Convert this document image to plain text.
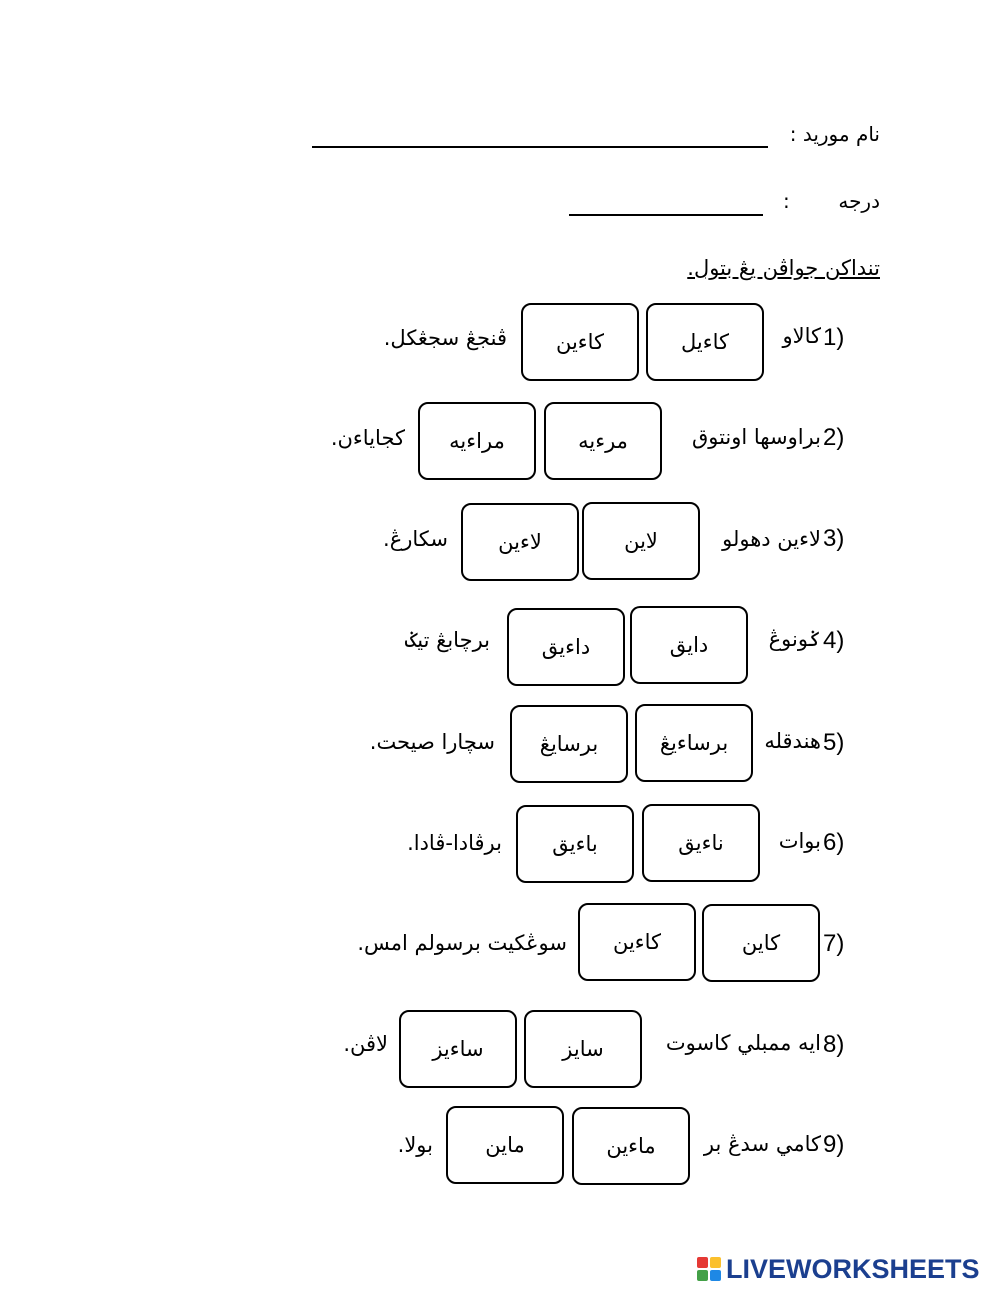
نام موريد :
درجه
:
تنداكن جواڤن يڠ بتول.
1)
كالاو
كاءيل
كاءين
ڤنجڠ سجڠكل.
2)
براوسها اونتوق
مرءيه
مراءيه
كجاياءن.
3)
لاءين دهولو
لاين
لاءين
سكارڠ.
4)
ݢونوڠ
دايق
داءيق
برچابڠ تيݢ
5)
هندقله
برساءيڠ
برسايڠ
سچارا صيحت.
6)
بوات
ناءيق
باءيق
برڤادا-ڤادا.
7)
كاين
كاءين
سوڠكيت برسولم امس.
8)
ايه ممبلي كاسوت
سايز
ساءيز
لاڤن.
9)
كامي سدڠ بر
ماءين
ماين
بولا.
LIVEWORKSHEETS
